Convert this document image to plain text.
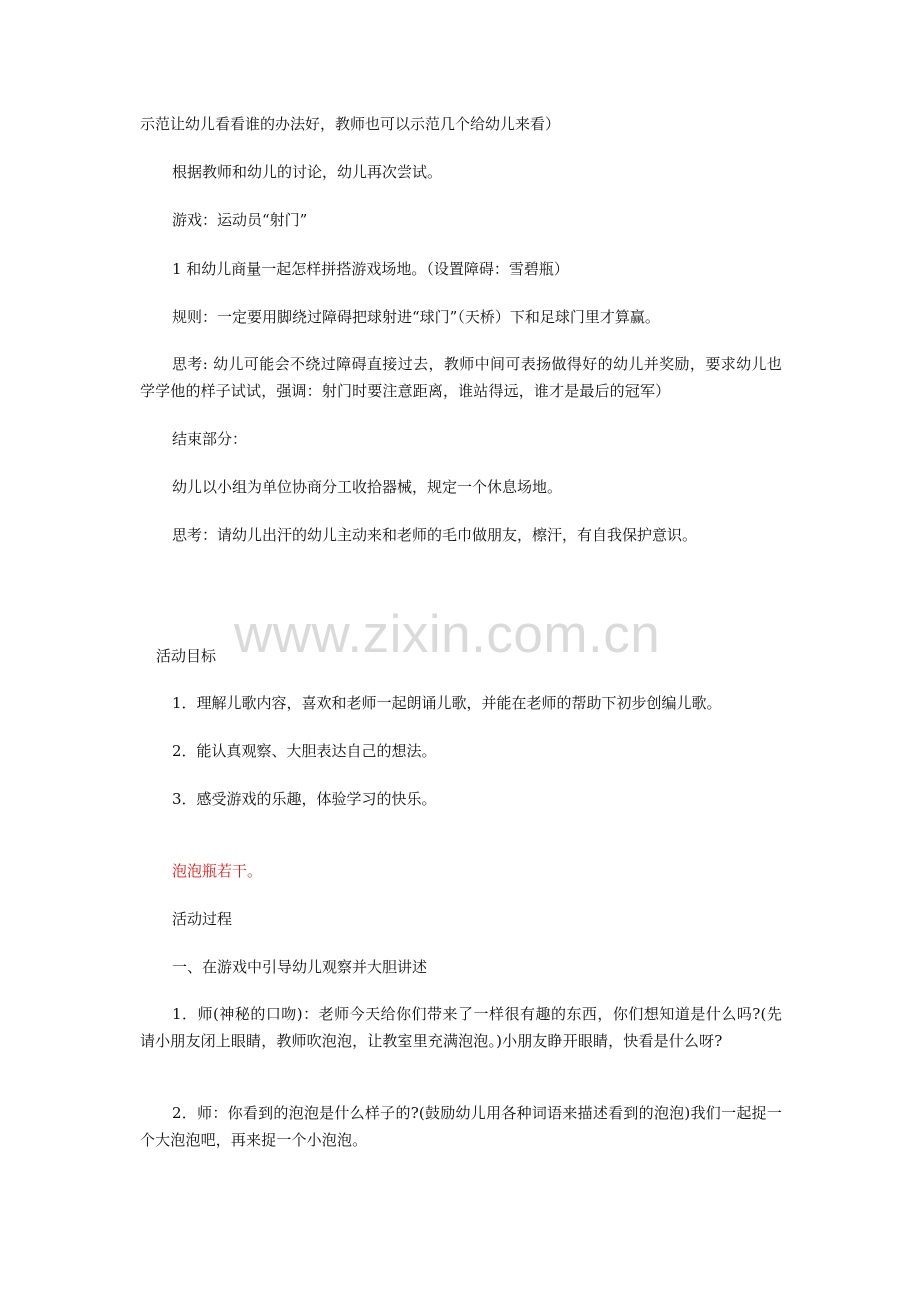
示范让幼儿看看谁的办法好，教师也可以示范几个给幼儿来看）

根据教师和幼儿的讨论，幼儿再次尝试。

游戏：运动员“射门”

1 和幼儿商量一起怎样拼搭游戏场地。（设置障碍：雪碧瓶）

规则：一定要用脚绕过障碍把球射进“球门”（天桥）下和足球门里才算赢。

思考: 幼儿可能会不绕过障碍直接过去，教师中间可表扬做得好的幼儿并奖励，要求幼儿也学学他的样子试试，强调：射门时要注意距离，谁站得远，谁才是最后的冠军）

结束部分：

幼儿以小组为单位协商分工收拾器械，规定一个休息场地。

思考：请幼儿出汗的幼儿主动来和老师的毛巾做朋友，檫汗，有自我保护意识。

www.zixin.com.cn

活动目标

1．理解儿歌内容，喜欢和老师一起朗诵儿歌，并能在老师的帮助下初步创编儿歌。

2．能认真观察、大胆表达自己的想法。

3．感受游戏的乐趣，体验学习的快乐。

泡泡瓶若干。

活动过程

一、在游戏中引导幼儿观察并大胆讲述

1．师(神秘的口吻)：老师今天给你们带来了一样很有趣的东西，你们想知道是什么吗?(先请小朋友闭上眼睛，教师吹泡泡，让教室里充满泡泡。)小朋友睁开眼睛，快看是什么呀?

2．师：你看到的泡泡是什么样子的?(鼓励幼儿用各种词语来描述看到的泡泡)我们一起捉一个大泡泡吧，再来捉一个小泡泡。
